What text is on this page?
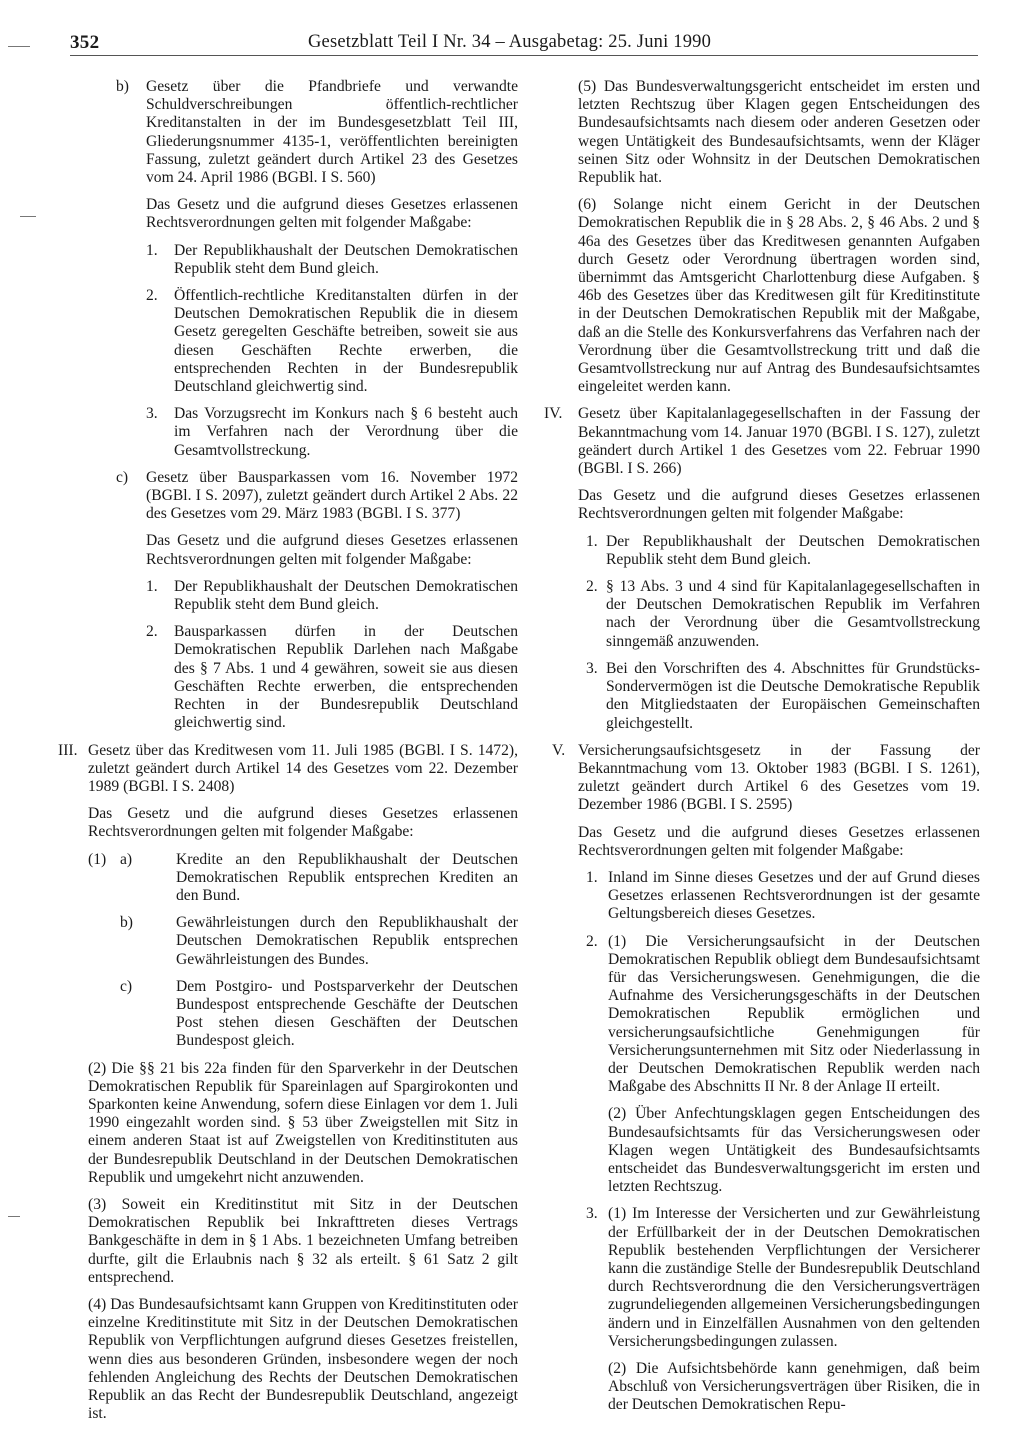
352	Gesetzblatt Teil I Nr. 34 – Ausgabetag: 25. Juni 1990
b) Gesetz über die Pfandbriefe und verwandte Schuldverschreibungen öffentlich-rechtlicher Kreditanstalten in der im Bundesgesetzblatt Teil III, Gliederungsnummer 4135-1, veröffentlichten bereinigten Fassung, zuletzt geändert durch Artikel 23 des Gesetzes vom 24. April 1986 (BGBl. I S. 560)

Das Gesetz und die aufgrund dieses Gesetzes erlassenen Rechtsverordnungen gelten mit folgender Maßgabe:

1. Der Republikhaushalt der Deutschen Demokratischen Republik steht dem Bund gleich.

2. Öffentlich-rechtliche Kreditanstalten dürfen in der Deutschen Demokratischen Republik die in diesem Gesetz geregelten Geschäfte betreiben, soweit sie aus diesen Geschäften Rechte erwerben, die entsprechenden Rechten in der Bundesrepublik Deutschland gleichwertig sind.

3. Das Vorzugsrecht im Konkurs nach § 6 besteht auch im Verfahren nach der Verordnung über die Gesamtvollstreckung.

c) Gesetz über Bausparkassen vom 16. November 1972 (BGBl. I S. 2097), zuletzt geändert durch Artikel 2 Abs. 22 des Gesetzes vom 29. März 1983 (BGBl. I S. 377)

Das Gesetz und die aufgrund dieses Gesetzes erlassenen Rechtsverordnungen gelten mit folgender Maßgabe:

1. Der Republikhaushalt der Deutschen Demokratischen Republik steht dem Bund gleich.

2. Bausparkassen dürfen in der Deutschen Demokratischen Republik Darlehen nach Maßgabe des § 7 Abs. 1 und 4 gewähren, soweit sie aus diesen Geschäften Rechte erwerben, die entsprechenden Rechten in der Bundesrepublik Deutschland gleichwertig sind.

III. Gesetz über das Kreditwesen vom 11. Juli 1985 (BGBl. I S. 1472), zuletzt geändert durch Artikel 14 des Gesetzes vom 22. Dezember 1989 (BGBl. I S. 2408)

Das Gesetz und die aufgrund dieses Gesetzes erlassenen Rechtsverordnungen gelten mit folgender Maßgabe:

(1) a)	Kredite an den Republikhaushalt der Deutschen Demokratischen Republik entsprechen Krediten an den Bund.

b)	Gewährleistungen durch den Republikhaushalt der Deutschen Demokratischen Republik entsprechen Gewährleistungen des Bundes.

c)	Dem Postgiro- und Postsparverkehr der Deutschen Bundespost entsprechende Geschäfte der Deutschen Post stehen diesen Geschäften der Deutschen Bundespost gleich.

(2) Die §§ 21 bis 22a finden für den Sparverkehr in der Deutschen Demokratischen Republik für Spareinlagen auf Spargirokonten und Sparkonten keine Anwendung, sofern diese Einlagen vor dem 1. Juli 1990 eingezahlt worden sind. § 53 über Zweigstellen mit Sitz in einem anderen Staat ist auf Zweigstellen von Kreditinstituten aus der Bundesrepublik Deutschland in der Deutschen Demokratischen Republik und umgekehrt nicht anzuwenden.

(3) Soweit ein Kreditinstitut mit Sitz in der Deutschen Demokratischen Republik bei Inkrafttreten dieses Vertrags Bankgeschäfte in dem in § 1 Abs. 1 bezeichneten Umfang betreiben durfte, gilt die Erlaubnis nach § 32 als erteilt. § 61 Satz 2 gilt entsprechend.

(4) Das Bundesaufsichtsamt kann Gruppen von Kreditinstituten oder einzelne Kreditinstitute mit Sitz in der Deutschen Demokratischen Republik von Verpflichtungen aufgrund dieses Gesetzes freistellen, wenn dies aus besonderen Gründen, insbesondere wegen der noch fehlenden Angleichung des Rechts der Deutschen Demokratischen Republik an das Recht der Bundesrepublik Deutschland, angezeigt ist.

(5) Das Bundesverwaltungsgericht entscheidet im ersten und letzten Rechtszug über Klagen gegen Entscheidungen des Bundesaufsichtsamts nach diesem oder anderen Gesetzen oder wegen Untätigkeit des Bundesaufsichtsamts, wenn der Kläger seinen Sitz oder Wohnsitz in der Deutschen Demokratischen Republik hat.

(6) Solange nicht einem Gericht in der Deutschen Demokratischen Republik die in § 28 Abs. 2, § 46 Abs. 2 und § 46a des Gesetzes über das Kreditwesen genannten Aufgaben durch Gesetz oder Verordnung übertragen worden sind, übernimmt das Amtsgericht Charlottenburg diese Aufgaben. § 46b des Gesetzes über das Kreditwesen gilt für Kreditinstitute in der Deutschen Demokratischen Republik mit der Maßgabe, daß an die Stelle des Konkursverfahrens das Verfahren nach der Verordnung über die Gesamtvollstreckung tritt und daß die Gesamtvollstreckung nur auf Antrag des Bundesaufsichtsamtes eingeleitet werden kann.

IV. Gesetz über Kapitalanlagegesellschaften in der Fassung der Bekanntmachung vom 14. Januar 1970 (BGBl. I S. 127), zuletzt geändert durch Artikel 1 des Gesetzes vom 22. Februar 1990 (BGBl. I S. 266)

Das Gesetz und die aufgrund dieses Gesetzes erlassenen Rechtsverordnungen gelten mit folgender Maßgabe:

1. Der Republikhaushalt der Deutschen Demokratischen Republik steht dem Bund gleich.

2. § 13 Abs. 3 und 4 sind für Kapitalanlagegesellschaften in der Deutschen Demokratischen Republik im Verfahren nach der Verordnung über die Gesamtvollstreckung sinngemäß anzuwenden.

3. Bei den Vorschriften des 4. Abschnittes für Grundstücks-Sondervermögen ist die Deutsche Demokratische Republik den Mitgliedstaaten der Europäischen Gemeinschaften gleichgestellt.

V. Versicherungsaufsichtsgesetz in der Fassung der Bekanntmachung vom 13. Oktober 1983 (BGBl. I S. 1261), zuletzt geändert durch Artikel 6 des Gesetzes vom 19. Dezember 1986 (BGBl. I S. 2595)

Das Gesetz und die aufgrund dieses Gesetzes erlassenen Rechtsverordnungen gelten mit folgender Maßgabe:

1. Inland im Sinne dieses Gesetzes und der auf Grund dieses Gesetzes erlassenen Rechtsverordnungen ist der gesamte Geltungsbereich dieses Gesetzes.

2. (1) Die Versicherungsaufsicht in der Deutschen Demokratischen Republik obliegt dem Bundesaufsichtsamt für das Versicherungswesen. Genehmigungen, die die Aufnahme des Versicherungsgeschäfts in der Deutschen Demokratischen Republik ermöglichen und versicherungsaufsichtliche Genehmigungen für Versicherungsunternehmen mit Sitz oder Niederlassung in der Deutschen Demokratischen Republik werden nach Maßgabe des Abschnitts II Nr. 8 der Anlage II erteilt.

(2) Über Anfechtungsklagen gegen Entscheidungen des Bundesaufsichtsamts für das Versicherungswesen oder Klagen wegen Untätigkeit des Bundesaufsichtsamts entscheidet das Bundesverwaltungsgericht im ersten und letzten Rechtszug.

3. (1) Im Interesse der Versicherten und zur Gewährleistung der Erfüllbarkeit der in der Deutschen Demokratischen Republik bestehenden Verpflichtungen der Versicherer kann die zuständige Stelle der Bundesrepublik Deutschland durch Rechtsverordnung die den Versicherungsverträgen zugrundeliegenden allgemeinen Versicherungsbedingungen ändern und in Einzelfällen Ausnahmen von den geltenden Versicherungsbedingungen zulassen.

(2) Die Aufsichtsbehörde kann genehmigen, daß beim Abschluß von Versicherungsverträgen über Risiken, die in der Deutschen Demokratischen Repu-
